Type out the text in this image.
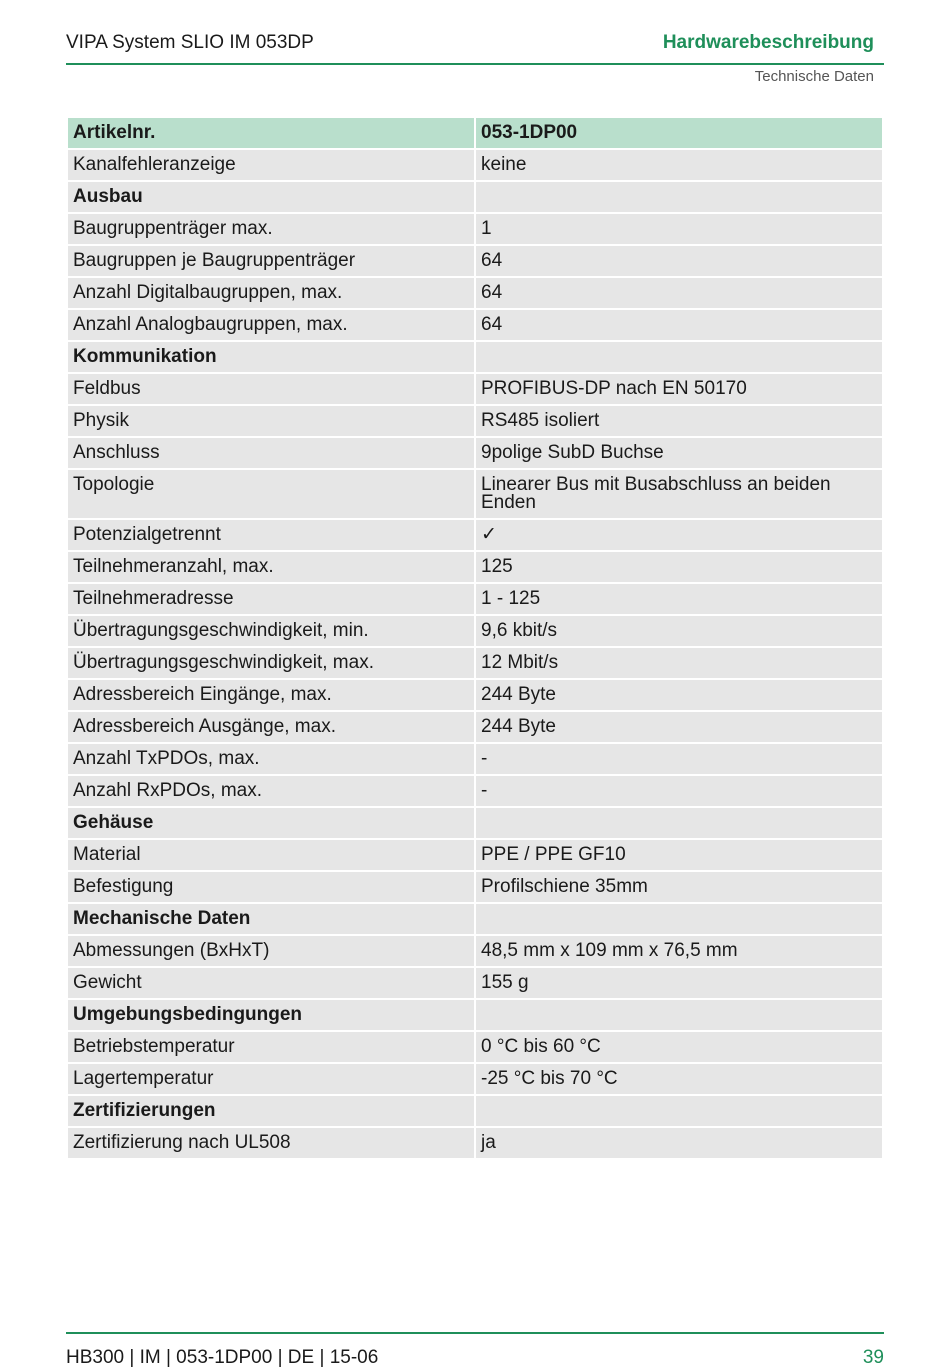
VIPA System SLIO IM 053DP	Hardwarebeschreibung
Technische Daten
Artikelnr.	053-1DP00
Kanalfehleranzeige	keine
Ausbau	
Baugruppenträger max.	1
Baugruppen je Baugruppenträger	64
Anzahl Digitalbaugruppen, max.	64
Anzahl Analogbaugruppen, max.	64
Kommunikation	
Feldbus	PROFIBUS-DP nach EN 50170
Physik	RS485 isoliert
Anschluss	9polige SubD Buchse
Topologie	Linearer Bus mit Busabschluss an beiden Enden
Potenzialgetrennt	✓
Teilnehmeranzahl, max.	125
Teilnehmeradresse	1 - 125
Übertragungsgeschwindigkeit, min.	9,6 kbit/s
Übertragungsgeschwindigkeit, max.	12 Mbit/s
Adressbereich Eingänge, max.	244 Byte
Adressbereich Ausgänge, max.	244 Byte
Anzahl TxPDOs, max.	-
Anzahl RxPDOs, max.	-
Gehäuse	
Material	PPE / PPE GF10
Befestigung	Profilschiene 35mm
Mechanische Daten	
Abmessungen (BxHxT)	48,5 mm x 109 mm x 76,5 mm
Gewicht	155 g
Umgebungsbedingungen	
Betriebstemperatur	0 °C bis 60 °C
Lagertemperatur	-25 °C bis 70 °C
Zertifizierungen	
Zertifizierung nach UL508	ja
HB300 | IM | 053-1DP00 | DE | 15-06	39
